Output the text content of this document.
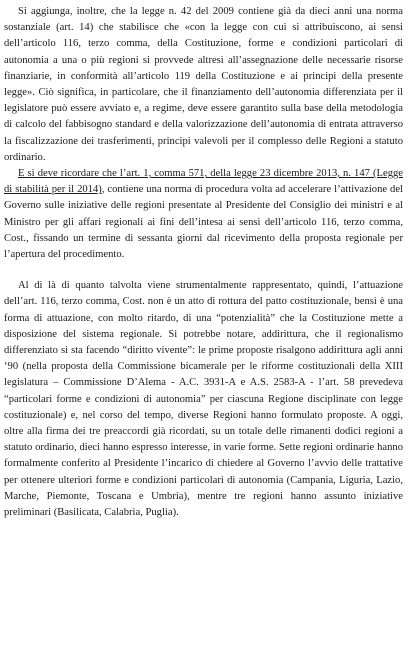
Si aggiunga, inoltre, che la legge n. 42 del 2009 contiene già da dieci anni una norma sostanziale (art. 14) che stabilisce che «con la legge con cui si attribuiscono, ai sensi dell’articolo 116, terzo comma, della Costituzione, forme e condizioni particolari di autonomia a una o più regioni si provvede altresì all’assegnazione delle necessarie risorse finanziarie, in conformità all’articolo 119 della Costituzione e ai principi della presente legge». Ciò significa, in particolare, che il finanziamento dell’autonomia differenziata per il legislatore può essere avviato e, a regime, deve essere garantito sulla base della metodologia di calcolo del fabbisogno standard e della valorizzazione dell’autonomia di entrata attraverso la fiscalizzazione dei trasferimenti, principi valevoli per il complesso delle Regioni a statuto ordinario.

E si deve ricordare che l’art. 1, comma 571, della legge 23 dicembre 2013, n. 147 (Legge di stabilità per il 2014), contiene una norma di procedura volta ad accelerare l’attivazione del Governo sulle iniziative delle regioni presentate al Presidente del Consiglio dei ministri e al Ministro per gli affari regionali ai fini dell’intesa ai sensi dell’articolo 116, terzo comma, Cost., fissando un termine di sessanta giorni dal ricevimento della proposta regionale per l’apertura del procedimento.

Al di là di quanto talvolta viene strumentalmente rappresentato, quindi, l’attuazione dell’art. 116, terzo comma, Cost. non è un atto di rottura del patto costituzionale, bensì è una forma di attuazione, con molto ritardo, di una “potenzialità” che la Costituzione mette a disposizione del sistema regionale. Si potrebbe notare, addirittura, che il regionalismo differenziato si sta facendo “diritto vivente”: le prime proposte risalgono addirittura agli anni ‘90 (nella proposta della Commissione bicamerale per le riforme costituzionali della XIII legislatura – Commissione D’Alema - A.C. 3931-A e A.S. 2583-A - l’art. 58 prevedeva “particolari forme e condizioni di autonomia” per ciascuna Regione disciplinate con legge costituzionale) e, nel corso del tempo, diverse Regioni hanno formulato proposte. A oggi, oltre alla firma dei tre preaccordi già ricordati, su un totale delle rimanenti dodici regioni a statuto ordinario, dieci hanno espresso interesse, in varie forme. Sette regioni ordinarie hanno formalmente conferito al Presidente l’incarico di chiedere al Governo l’avvio delle trattative per ottenere ulteriori forme e condizioni particolari di autonomia (Campania, Liguria, Lazio, Marche, Piemonte, Toscana e Umbria), mentre tre regioni hanno assunto iniziative preliminari (Basilicata, Calabria, Puglia).
